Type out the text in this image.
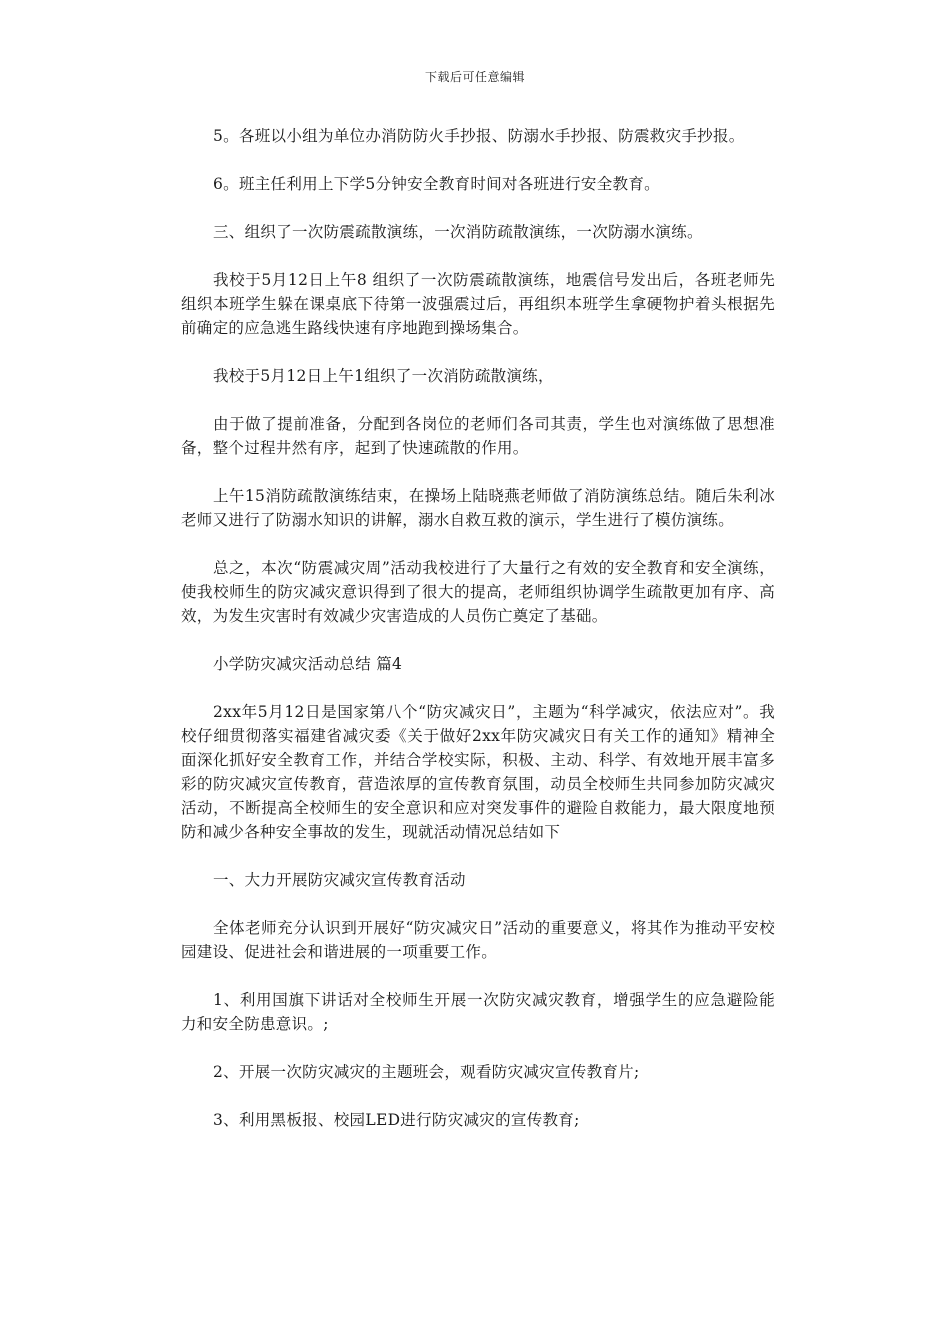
下载后可任意编辑

5。各班以小组为单位办消防防火手抄报、防溺水手抄报、防震救灾手抄报。

6。班主任利用上下学5分钟安全教育时间对各班进行安全教育。

三、组织了一次防震疏散演练，一次消防疏散演练，一次防溺水演练。

我校于5月12日上午8 组织了一次防震疏散演练，地震信号发出后，各班老师先组织本班学生躲在课桌底下待第一波强震过后，再组织本班学生拿硬物护着头根据先前确定的应急逃生路线快速有序地跑到操场集合。

我校于5月12日上午1组织了一次消防疏散演练，

由于做了提前准备，分配到各岗位的老师们各司其责，学生也对演练做了思想准备，整个过程井然有序，起到了快速疏散的作用。

上午15消防疏散演练结束，在操场上陆晓燕老师做了消防演练总结。随后朱利冰老师又进行了防溺水知识的讲解，溺水自救互救的演示，学生进行了模仿演练。

总之，本次“防震减灾周”活动我校进行了大量行之有效的安全教育和安全演练，使我校师生的防灾减灾意识得到了很大的提高，老师组织协调学生疏散更加有序、高效，为发生灾害时有效减少灾害造成的人员伤亡奠定了基础。

小学防灾减灾活动总结 篇4

2xx年5月12日是国家第八个“防灾减灾日”，主题为“科学减灾，依法应对”。我校仔细贯彻落实福建省减灾委《关于做好2xx年防灾减灾日有关工作的通知》精神全面深化抓好安全教育工作，并结合学校实际，积极、主动、科学、有效地开展丰富多彩的防灾减灾宣传教育，营造浓厚的宣传教育氛围，动员全校师生共同参加防灾减灾活动，不断提高全校师生的安全意识和应对突发事件的避险自救能力，最大限度地预防和减少各种安全事故的发生，现就活动情况总结如下

一、大力开展防灾减灾宣传教育活动

全体老师充分认识到开展好“防灾减灾日”活动的重要意义，将其作为推动平安校园建设、促进社会和谐进展的一项重要工作。

1、利用国旗下讲话对全校师生开展一次防灾减灾教育，增强学生的应急避险能力和安全防患意识。;

2、开展一次防灾减灾的主题班会，观看防灾减灾宣传教育片;

3、利用黑板报、校园LED进行防灾减灾的宣传教育;
